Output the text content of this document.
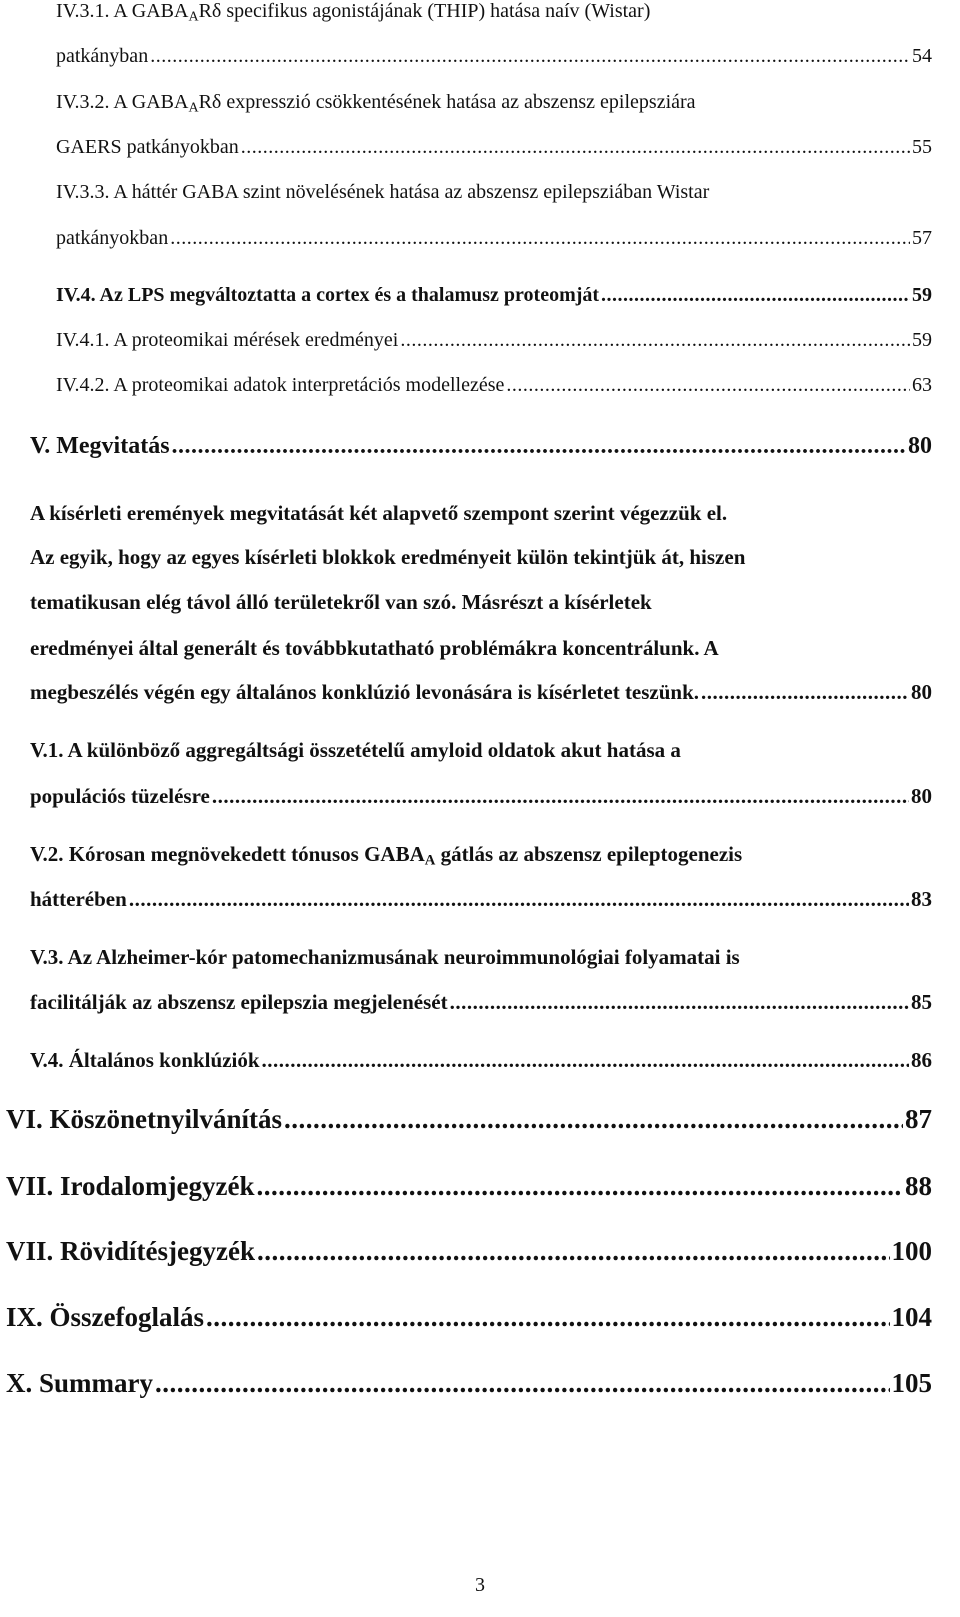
IV.3.1. A $GABA_AR\delta$ specifikus agonistájának (THIP) hatása naív (Wistar)
patkányban .....	54
IV.3.2. A $GABA_AR\delta$ expresszió csökkentésének hatása az abszensz epilepsziára
GAERS patkányokban .....	55
IV.3.3. A háttér GABA szint növelésének hatása az abszensz epilepsziában Wistar
patkányokban .....	57
IV.4. Az LPS megváltoztatta a cortex és a thalamusz proteomját .....	59
IV.4.1. A proteomikai mérések eredményei .....	59
IV.4.2. A proteomikai adatok interpretációs modellezése .....	63
V. Megvitatás .....	80
A kísérleti eremények megvitatását két alapvető szempont szerint végezzük el.
Az egyik, hogy az egyes kísérleti blokkok eredményeit külön tekintjük át, hiszen
tematikusan elég távol álló területekről van szó. Másrészt a kísérletek
eredményei által generált és továbbkutatható problémákra koncentrálunk. A
megbeszélés végén egy általános konklúzió levonására is kísérletet teszünk. .....	80
V.1. A különböző aggregáltsági összetételű amyloid oldatok akut hatása a
populációs tüzelésre .....	80
V.2. Kórosan megnövekedett tónusos $GABA_A$ gátlás az abszensz epileptogenezis
hátterében .....	83
V.3. Az Alzheimer-kór patomechanizmusának neuroimmunológiai folyamatai is
facilitálják az abszensz epilepszia megjelenését .....	85
V.4. Általános konklúziók .....	86
VI. Köszönetnyilvánítás .....	87
VII. Irodalomjegyzék .....	88
VII. Rövidítésjegyzék .....	100
IX. Összefoglalás .....	104
X. Summary .....	105
3
